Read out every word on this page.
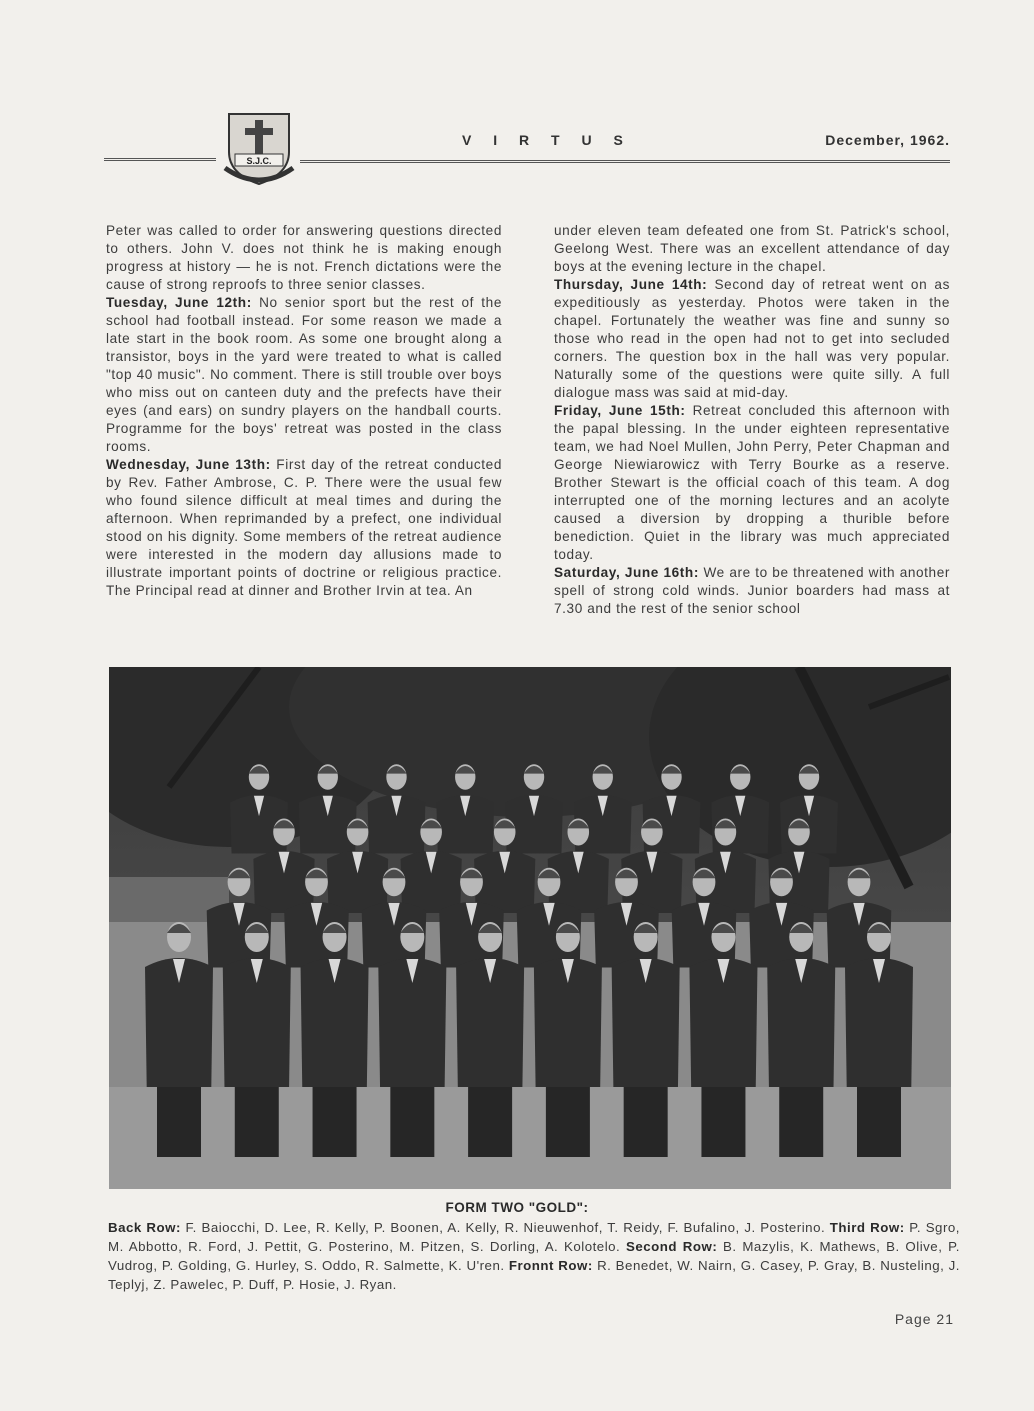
S.J.C.
V I R T U S	December, 1962.

Peter was called to order for answering questions directed to others. John V. does not think he is making enough progress at history — he is not. French dictations were the cause of strong reproofs to three senior classes.

Tuesday, June 12th: No senior sport but the rest of the school had football instead. For some reason we made a late start in the book room. As some one brought along a transistor, boys in the yard were treated to what is called "top 40 music". No comment. There is still trouble over boys who miss out on canteen duty and the prefects have their eyes (and ears) on sundry players on the handball courts. Programme for the boys' retreat was posted in the class rooms.

Wednesday, June 13th: First day of the retreat conducted by Rev. Father Ambrose, C. P. There were the usual few who found silence difficult at meal times and during the afternoon. When reprimanded by a prefect, one individual stood on his dignity. Some members of the retreat audience were interested in the modern day allusions made to illustrate important points of doctrine or religious practice. The Principal read at dinner and Brother Irvin at tea. An

under eleven team defeated one from St. Patrick's school, Geelong West. There was an excellent attendance of day boys at the evening lecture in the chapel.

Thursday, June 14th: Second day of retreat went on as expeditiously as yesterday. Photos were taken in the chapel. Fortunately the weather was fine and sunny so those who read in the open had not to get into secluded corners. The question box in the hall was very popular. Naturally some of the questions were quite silly. A full dialogue mass was said at mid-day.

Friday, June 15th: Retreat concluded this afternoon with the papal blessing. In the under eighteen representative team, we had Noel Mullen, John Perry, Peter Chapman and George Niewiarowicz with Terry Bourke as a reserve. Brother Stewart is the official coach of this team. A dog interrupted one of the morning lectures and an acolyte caused a diversion by dropping a thurible before benediction. Quiet in the library was much appreciated today.

Saturday, June 16th: We are to be threatened with another spell of strong cold winds. Junior boarders had mass at 7.30 and the rest of the senior school

FORM TWO "GOLD":
Back Row: F. Baiocchi, D. Lee, R. Kelly, P. Boonen, A. Kelly, R. Nieuwenhof, T. Reidy, F. Bufalino, J. Posterino. Third Row: P. Sgro, M. Abbotto, R. Ford, J. Pettit, G. Posterino, M. Pitzen, S. Dorling, A. Kolotelo. Second Row: B. Mazylis, K. Mathews, B. Olive, P. Vudrog, P. Golding, G. Hurley, S. Oddo, R. Salmette, K. U'ren. Fronnt Row: R. Benedet, W. Nairn, G. Casey, P. Gray, B. Nusteling, J. Teplyj, Z. Pawelec, P. Duff, P. Hosie, J. Ryan.
Page 21
